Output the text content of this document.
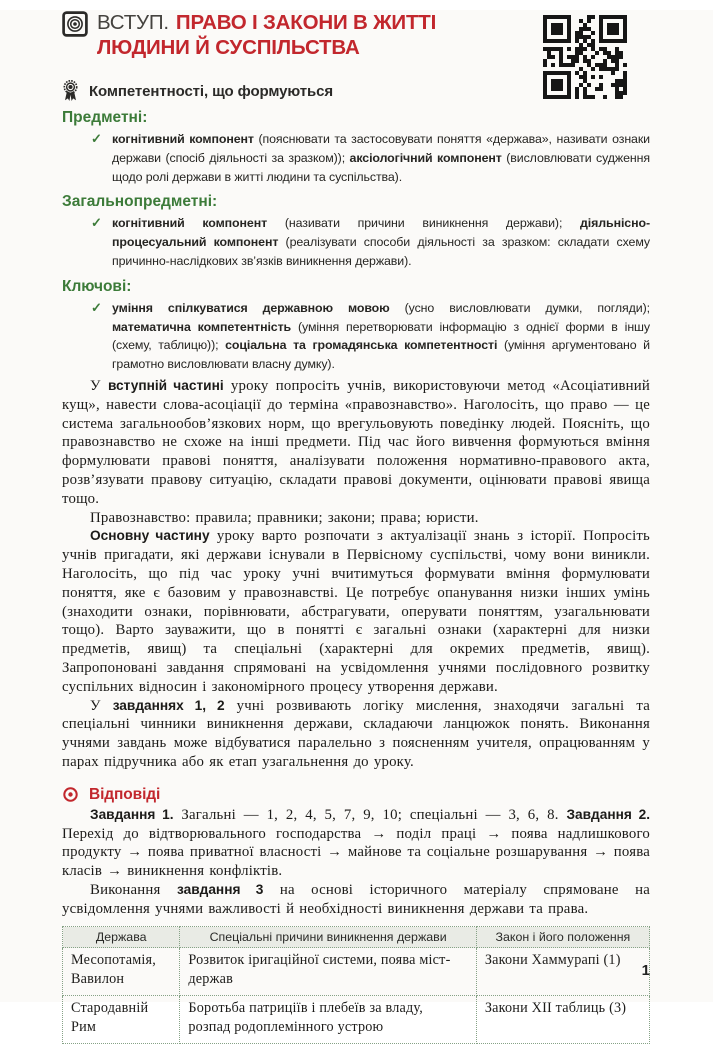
ВСТУП. ПРАВО І ЗАКОНИ В ЖИТТІ ЛЮДИНИ Й СУСПІЛЬСТВА
Компетентності, що формуються
Предметні:
✓ когнітивний компонент (пояснювати та застосовувати поняття «держава», називати ознаки держави (спосіб діяльності за зразком)); аксіологічний компонент (висловлювати судження щодо ролі держави в житті людини та суспільства).
Загальнопредметні:
✓ когнітивний компонент (називати причини виникнення держави); діяльнісно-процесуальний компонент (реалізувати способи діяльності за зразком: складати схему причинно-наслідкових зв’язків виникнення держави).
Ключові:
✓ уміння спілкуватися державною мовою (усно висловлювати думки, погляди); математична компетентність (уміння перетворювати інформацію з однієї форми в іншу (схему, таблицю)); соціальна та громадянська компетентності (уміння аргументовано й грамотно висловлювати власну думку).

У вступній частині уроку попросіть учнів, використовуючи метод «Асоціативний кущ», навести слова-асоціації до терміна «правознавство». Наголосіть, що право — це система загальнообов’язкових норм, що врегульовують поведінку людей. Поясніть, що правознавство не схоже на інші предмети. Під час його вивчення формуються вміння формулювати правові поняття, аналізувати положення нормативно-правового акта, розв’язувати правову ситуацію, складати правові документи, оцінювати правові явища тощо.

Правознавство: правила; правники; закони; права; юристи.

Основну частину уроку варто розпочати з актуалізації знань з історії. Попросіть учнів пригадати, які держави існували в Первісному суспільстві, чому вони виникли. Наголосіть, що під час уроку учні вчитимуться формувати вміння формулювати поняття, яке є базовим у правознавстві. Це потребує опанування низки інших умінь (знаходити ознаки, порівнювати, абстрагувати, оперувати поняттям, узагальнювати тощо). Варто зауважити, що в понятті є загальні ознаки (характерні для низки предметів, явищ) та спеціальні (характерні для окремих предметів, явищ). Запропоновані завдання спрямовані на усвідомлення учнями послідовного розвитку суспільних відносин і закономірного процесу утворення держави.

У завданнях 1, 2 учні розвивають логіку мислення, знаходячи загальні та спеціальні чинники виникнення держави, складаючи ланцюжок понять. Виконання учнями завдань може відбуватися паралельно з поясненням учителя, опрацюванням у парах підручника або як етап узагальнення до уроку.

Відповіді

Завдання 1. Загальні — 1, 2, 4, 5, 7, 9, 10; спеціальні — 3, 6, 8. Завдання 2. Перехід до відтворювального господарства → поділ праці → поява надлишкового продукту → поява приватної власності → майнове та соціальне розшарування → поява класів → виникнення конфліктів.

Виконання завдання 3 на основі історичного матеріалу спрямоване на усвідомлення учнями важливості й необхідності виникнення держави та права.

Держава	Спеціальні причини виникнення держави	Закон і його положення
Месопотамія, Вавилон	Розвиток іригаційної системи, поява міст-держав	Закони Хаммурапі (1)
Стародавній Рим	Боротьба патриціїв і плебеїв за владу, розпад родоплемінного устрою	Закони XII таблиць (3)
1
